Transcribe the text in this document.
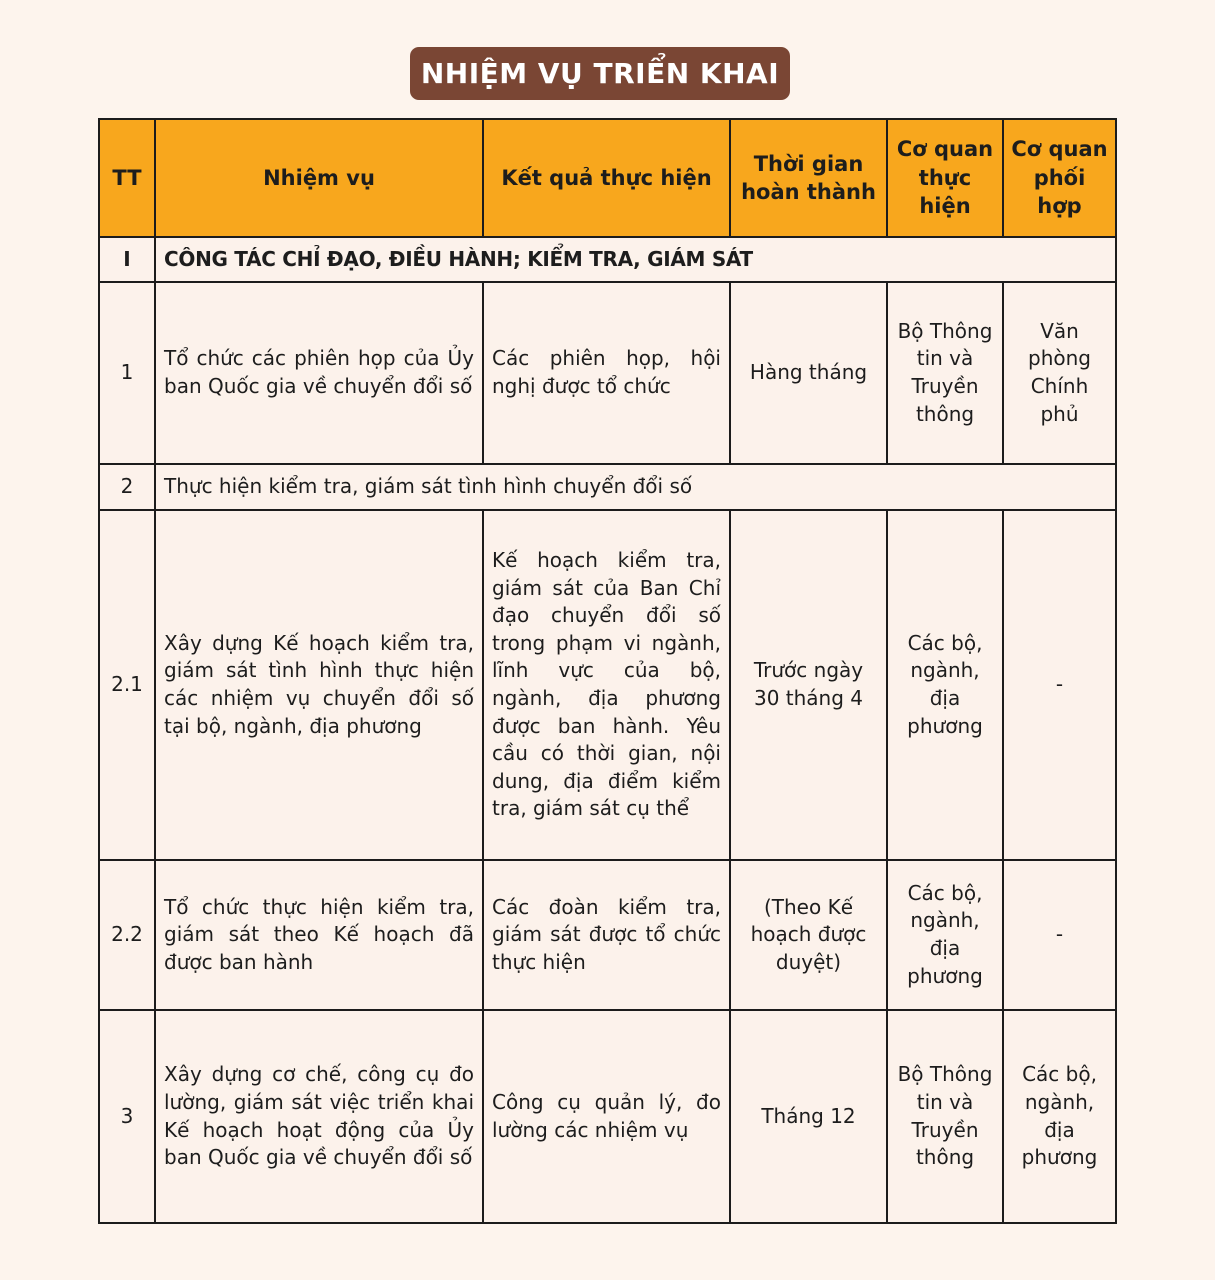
NHIỆM VỤ TRIỂN KHAI
TT	Nhiệm vụ	Kết quả thực hiện	Thời gian hoàn thành	Cơ quan thực hiện	Cơ quan phối hợp
I	CÔNG TÁC CHỈ ĐẠO, ĐIỀU HÀNH; KIỂM TRA, GIÁM SÁT				
1	Tổ chức các phiên họp của Ủy ban Quốc gia về chuyển đổi số	Các phiên họp, hội nghị được tổ chức	Hàng tháng	Bộ Thông tin và Truyền thông	Văn phòng Chính phủ
2	Thực hiện kiểm tra, giám sát tình hình chuyển đổi số				
2.1	Xây dựng Kế hoạch kiểm tra, giám sát tình hình thực hiện các nhiệm vụ chuyển đổi số tại bộ, ngành, địa phương	Kế hoạch kiểm tra, giám sát của Ban Chỉ đạo chuyển đổi số trong phạm vi ngành, lĩnh vực của bộ, ngành, địa phương được ban hành. Yêu cầu có thời gian, nội dung, địa điểm kiểm tra, giám sát cụ thể	Trước ngày 30 tháng 4	Các bộ, ngành, địa phương	-
2.2	Tổ chức thực hiện kiểm tra, giám sát theo Kế hoạch đã được ban hành	Các đoàn kiểm tra, giám sát được tổ chức thực hiện	(Theo Kế hoạch được duyệt)	Các bộ, ngành, địa phương	-
3	Xây dựng cơ chế, công cụ đo lường, giám sát việc triển khai Kế hoạch hoạt động của Ủy ban Quốc gia về chuyển đổi số	Công cụ quản lý, đo lường các nhiệm vụ	Tháng 12	Bộ Thông tin và Truyền thông	Các bộ, ngành, địa phương
